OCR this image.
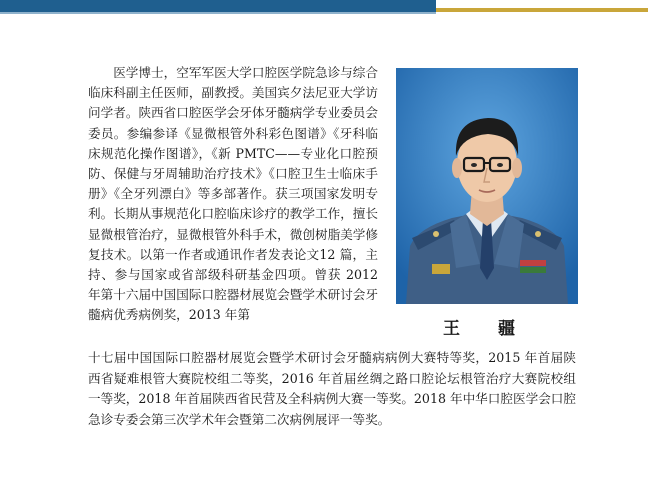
医学博士，空军军医大学口腔医学院急诊与综合临床科副主任医师，副教授。美国宾夕法尼亚大学访问学者。陕西省口腔医学会牙体牙髓病学专业委员会委员。参编参译《显微根管外科彩色图谱》《牙科临床规范化操作图谱》，《新 PMTC——专业化口腔预防、保健与牙周辅助治疗技术》《口腔卫生士临床手册》《全牙列漂白》等多部著作。获三项国家发明专利。长期从事规范化口腔临床诊疗的教学工作，擅长显微根管治疗，显微根管外科手术，微创树脂美学修复技术。以第一作者或通讯作者发表论文12 篇，主持、参与国家或省部级科研基金四项。曾获 2012 年第十六届中国国际口腔器材展览会暨学术研讨会牙髓病优秀病例奖，2013 年第
王 疆
十七届中国国际口腔器材展览会暨学术研讨会牙髓病病例大赛特等奖，2015 年首届陕西省疑难根管大赛院校组二等奖，2016 年首届丝绸之路口腔论坛根管治疗大赛院校组一等奖，2018 年首届陕西省民营及全科病例大赛一等奖。2018 年中华口腔医学会口腔急诊专委会第三次学术年会暨第二次病例展评一等奖。
